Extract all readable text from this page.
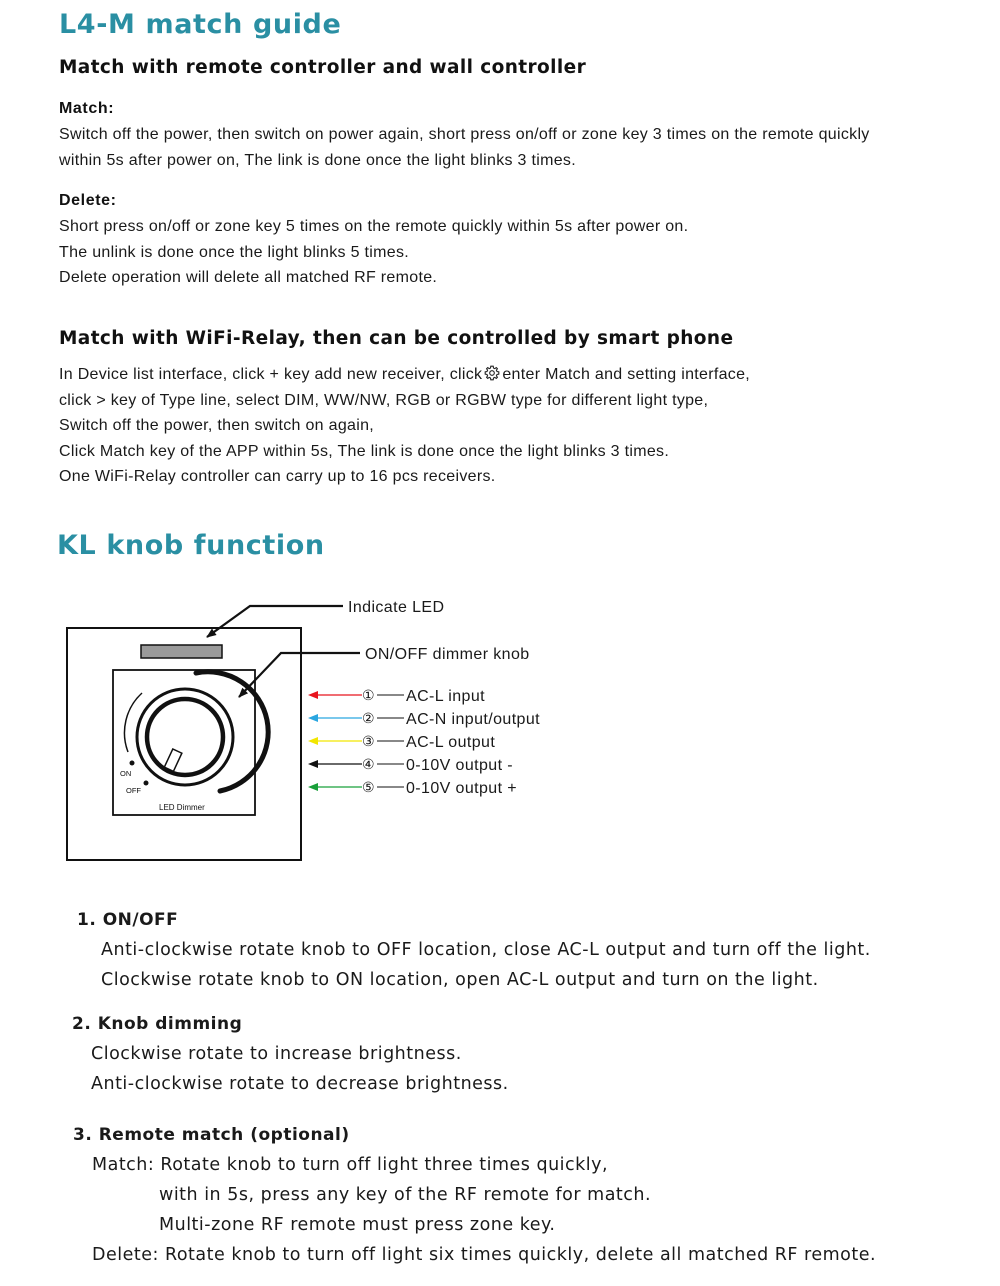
L4-M match guide
Match with remote controller and wall controller
Match:
Switch off the power, then switch on power again, short press on/off or zone key 3 times on the remote quickly
within 5s after power on, The link is done once the light blinks 3 times.
Delete:
Short press on/off or zone key 5 times on the remote quickly within 5s after power on.
The unlink is done once the light blinks 5 times.
Delete operation will delete all matched RF remote.
Match with WiFi-Relay, then can be controlled by smart phone
In Device list interface, click + key add new receiver, click enter Match and setting interface,
click > key of Type line, select DIM, WW/NW, RGB or RGBW type for different light type,
Switch off the power, then switch on again,
Click Match key of the APP within 5s, The link is done once the light blinks 3 times.
One WiFi-Relay controller can carry up to 16 pcs receivers.
KL knob function
ON
OFF
LED Dimmer
Indicate LED
ON/OFF dimmer knob
① AC-L input
② AC-N input/output
③ AC-L output
④ 0-10V output -
⑤ 0-10V output +
1. ON/OFF
Anti-clockwise rotate knob to OFF location, close AC-L output and turn off the light.
Clockwise rotate knob to ON location, open AC-L output and turn on the light.
2. Knob dimming
Clockwise rotate to increase brightness.
Anti-clockwise rotate to decrease brightness.
3. Remote match (optional)
Match: Rotate knob to turn off light three times quickly,
with in 5s, press any key of the RF remote for match.
Multi-zone RF remote must press zone key.
Delete: Rotate knob to turn off light six times quickly, delete all matched RF remote.
